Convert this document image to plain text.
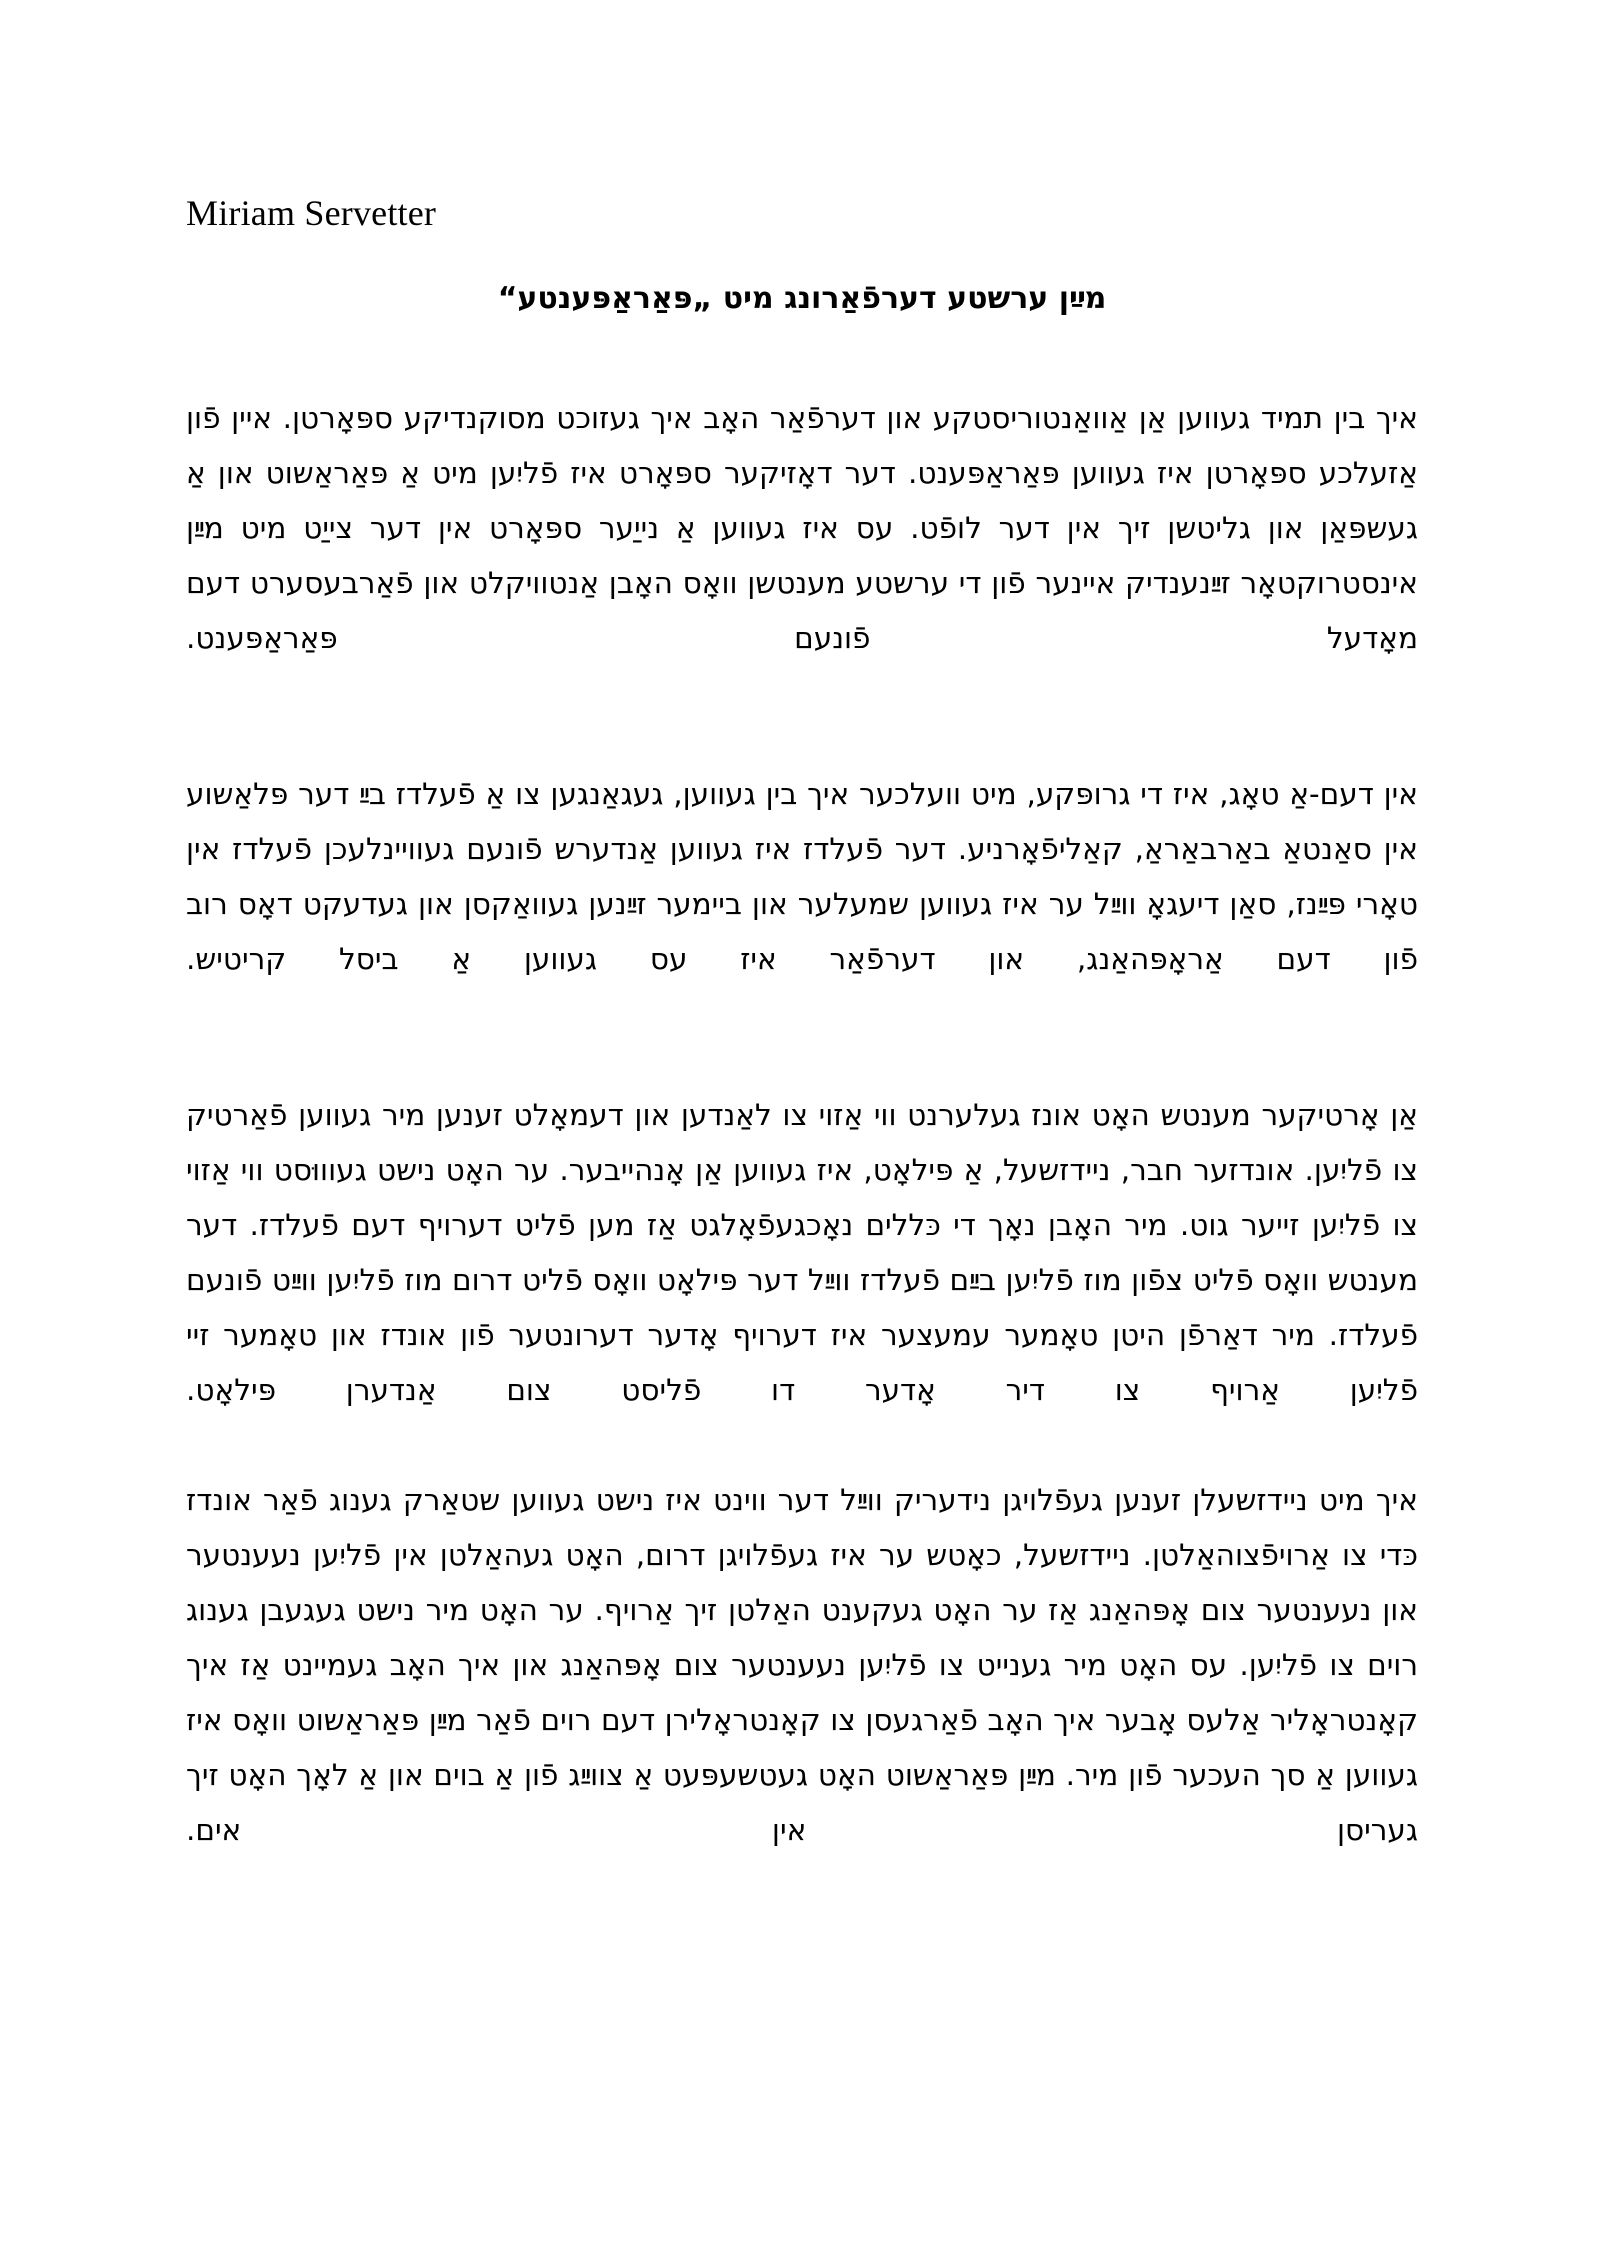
Miriam Servetter
מײַן ערשטע דערפֿאַרונג מיט „פּאַראַפּענטע“

איך בין תמיד געווען אַן אַוואַנטוריסטקע און דערפֿאַר האָב איך געזוכט מסוקנדיקע ספּאָרטן. איין פֿון אַזעלכע ספּאָרטן איז געווען פּאַראַפּענט. דער דאָזיקער ספּאָרט איז פֿליִען מיט אַ פּאַראַשוט און אַ געשפּאַן און גליטשן זיך אין דער לופֿט. עס איז געווען אַ נייַער ספּאָרט אין דער צייַט מיט מײַן אינסטרוקטאָר זײַנענדיק איינער פֿון די ערשטע מענטשן וואָס האָבן אַנטוויקלט און פֿאַרבעסערט דעם מאָדעל פֿונעם פּאַראַפּענט.

אין דעם-אַ טאָג, איז די גרופּקע, מיט וועלכער איך בין געווען, געגאַנגען צו אַ פֿעלדז בײַ דער פּלאַשוע אין סאַנטאַ באַרבאַראַ, קאַליפֿאָרניע. דער פֿעלדז איז געווען אַנדערש פֿונעם געוויינלעכן פֿעלדז אין טאָרי פּײַנז, סאַן דיעגאָ ווײַל ער איז געווען שמעלער און ביימער זײַנען געוואַקסן און געדעקט דאָס רוב פֿון דעם אַראָפּהאַנג, און דערפֿאַר איז עס געווען אַ ביסל קריטיש.

אַן אָרטיקער מענטש האָט אונז געלערנט ווי אַזוי צו לאַנדען און דעמאָלט זענען מיר געווען פֿאַרטיק צו פֿליִען. אונדזער חבר, ניידזשעל, אַ פּילאָט, איז געווען אַן אָנהייבער. ער האָט נישט געוווּסט ווי אַזוי צו פֿליִען זייער גוט. מיר האָבן נאָך די כּללים נאָכגעפֿאָלגט אַז מען פֿליט דערויף דעם פֿעלדז. דער מענטש וואָס פֿליט צפֿון מוז פֿליִען בײַם פֿעלדז ווײַל דער פּילאָט וואָס פֿליט דרום מוז פֿליִען ווײַט פֿונעם פֿעלדז. מיר דאַרפֿן היטן טאָמער עמעצער איז דערויף אָדער דערונטער פֿון אונדז און טאָמער זיי פֿליִען אַרויף צו דיר אָדער דו פֿליסט צום אַנדערן פּילאָט.

איך מיט ניידזשעלן זענען געפֿלויגן נידעריק ווײַל דער ווינט איז נישט געווען שטאַרק גענוג פֿאַר אונדז כּדי צו אַרויפֿצוהאַלטן. ניידזשעל, כאָטש ער איז געפֿלויגן דרום, האָט געהאַלטן אין פֿליִען נעענטער און נעענטער צום אָפּהאַנג אַז ער האָט געקענט האַלטן זיך אַרויף. ער האָט מיר נישט געגעבן גענוג רוים צו פֿליִען. עס האָט מיר גענייט צו פֿליִען נעענטער צום אָפּהאַנג און איך האָב געמיינט אַז איך קאָנטראָליר אַלעס אָבער איך האָב פֿאַרגעסן צו קאָנטראָלירן דעם רוים פֿאַר מײַן פּאַראַשוט וואָס איז געווען אַ סך העכער פֿון מיר. מײַן פּאַראַשוט האָט געטשעפּעט אַ צווײַג פֿון אַ בוים און אַ לאָך האָט זיך געריסן אין אים.
